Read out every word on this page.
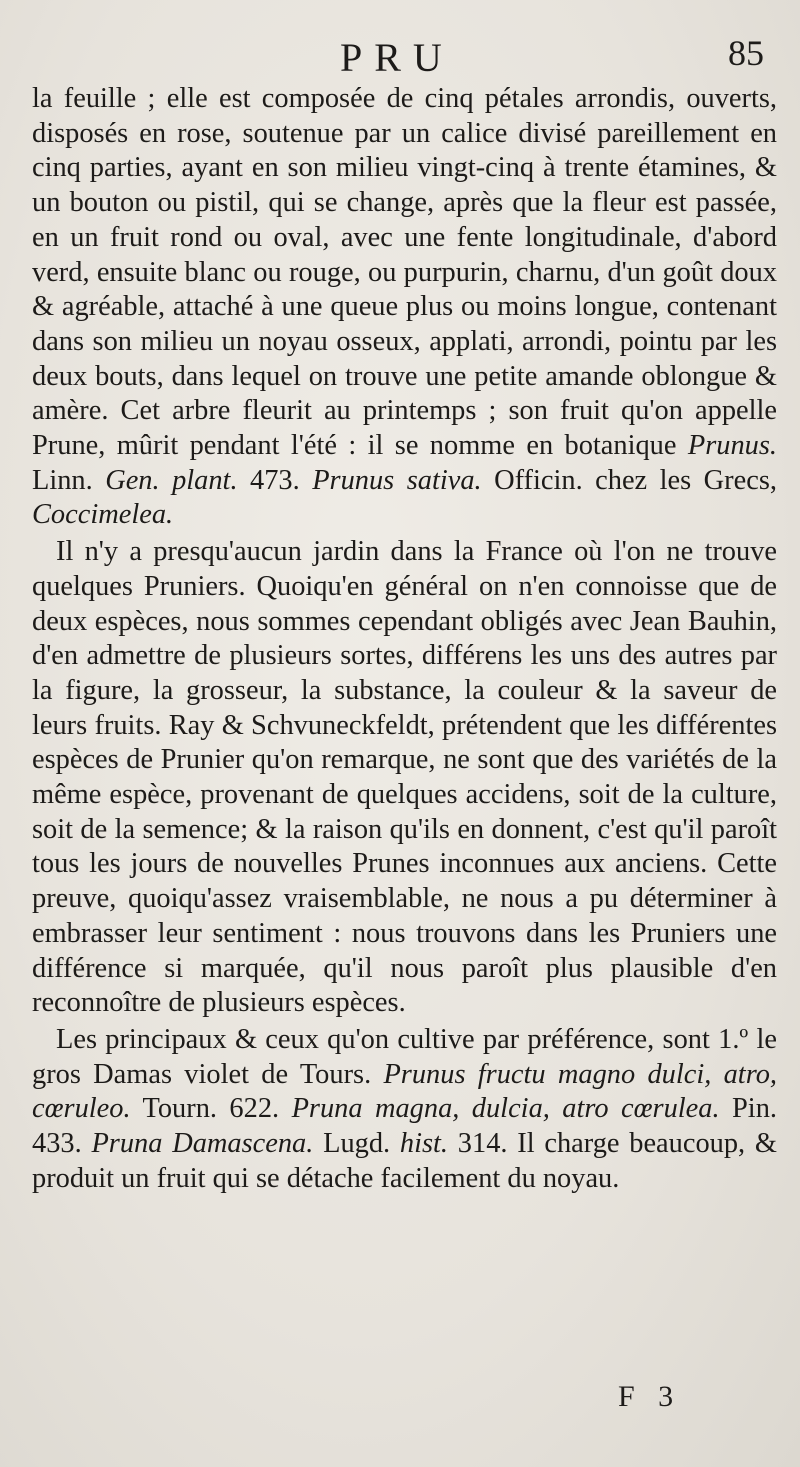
PRU	85

la feuille ; elle est composée de cinq pétales arrondis, ouverts, disposés en rose, soutenue par un calice divisé pareillement en cinq parties, ayant en son milieu vingt-cinq à trente étamines, & un bouton ou pistil, qui se change, après que la fleur est passée, en un fruit rond ou oval, avec une fente longitudinale, d'abord verd, ensuite blanc ou rouge, ou purpurin, charnu, d'un goût doux & agréable, attaché à une queue plus ou moins longue, contenant dans son milieu un noyau osseux, applati, arrondi, pointu par les deux bouts, dans lequel on trouve une petite amande oblongue & amère. Cet arbre fleurit au printemps ; son fruit qu'on appelle Prune, mûrit pendant l'été : il se nomme en botanique Prunus. Linn. Gen. plant. 473. Prunus sativa. Officin. chez les Grecs, Coccimelea.

Il n'y a presqu'aucun jardin dans la France où l'on ne trouve quelques Pruniers. Quoiqu'en général on n'en connoisse que de deux espèces, nous sommes cependant obligés avec Jean Bauhin, d'en admettre de plusieurs sortes, différens les uns des autres par la figure, la grosseur, la substance, la couleur & la saveur de leurs fruits. Ray & Schvuneckfeldt, prétendent que les différentes espèces de Prunier qu'on remarque, ne sont que des variétés de la même espèce, provenant de quelques accidens, soit de la culture, soit de la semence; & la raison qu'ils en donnent, c'est qu'il paroît tous les jours de nouvelles Prunes inconnues aux anciens. Cette preuve, quoiqu'assez vraisemblable, ne nous a pu déterminer à embrasser leur sentiment : nous trouvons dans les Pruniers une différence si marquée, qu'il nous paroît plus plausible d'en reconnoître de plusieurs espèces.

Les principaux & ceux qu'on cultive par préférence, sont 1.º le gros Damas violet de Tours. Prunus fructu magno dulci, atro, cœruleo. Tourn. 622. Pruna magna, dulcia, atro cœrulea. Pin. 433. Pruna Damascena. Lugd. hist. 314. Il charge beaucoup, & produit un fruit qui se détache facilement du noyau.

F 3
